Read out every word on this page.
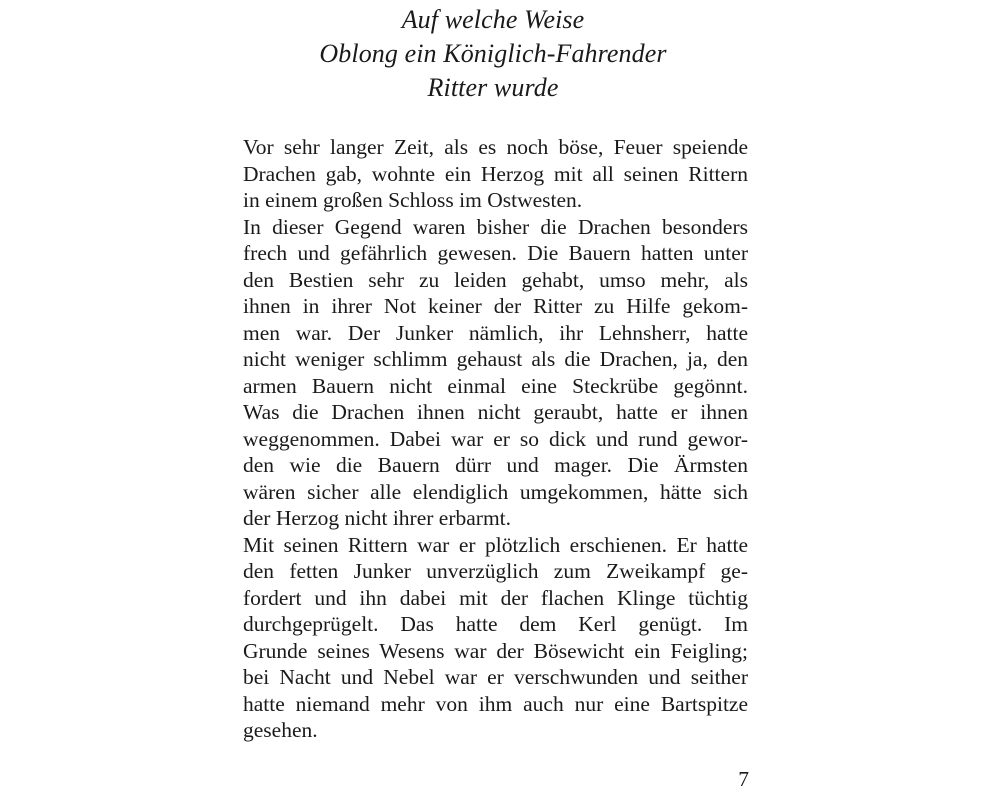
Auf welche Weise
Oblong ein Königlich-Fahrender
Ritter wurde
Vor sehr langer Zeit, als es noch böse, Feuer speiende
Drachen gab, wohnte ein Herzog mit all seinen Rittern
in einem großen Schloss im Ostwesten.
In dieser Gegend waren bisher die Drachen besonders
frech und gefährlich gewesen. Die Bauern hatten unter
den Bestien sehr zu leiden gehabt, umso mehr, als
ihnen in ihrer Not keiner der Ritter zu Hilfe gekom-
men war. Der Junker nämlich, ihr Lehnsherr, hatte
nicht weniger schlimm gehaust als die Drachen, ja, den
armen Bauern nicht einmal eine Steckrübe gegönnt.
Was die Drachen ihnen nicht geraubt, hatte er ihnen
weggenommen. Dabei war er so dick und rund gewor-
den wie die Bauern dürr und mager. Die Ärmsten
wären sicher alle elendiglich umgekommen, hätte sich
der Herzog nicht ihrer erbarmt.
Mit seinen Rittern war er plötzlich erschienen. Er hatte
den fetten Junker unverzüglich zum Zweikampf ge-
fordert und ihn dabei mit der flachen Klinge tüchtig
durchgeprügelt. Das hatte dem Kerl genügt. Im
Grunde seines Wesens war der Bösewicht ein Feigling;
bei Nacht und Nebel war er verschwunden und seither
hatte niemand mehr von ihm auch nur eine Bartspitze
gesehen.
7
